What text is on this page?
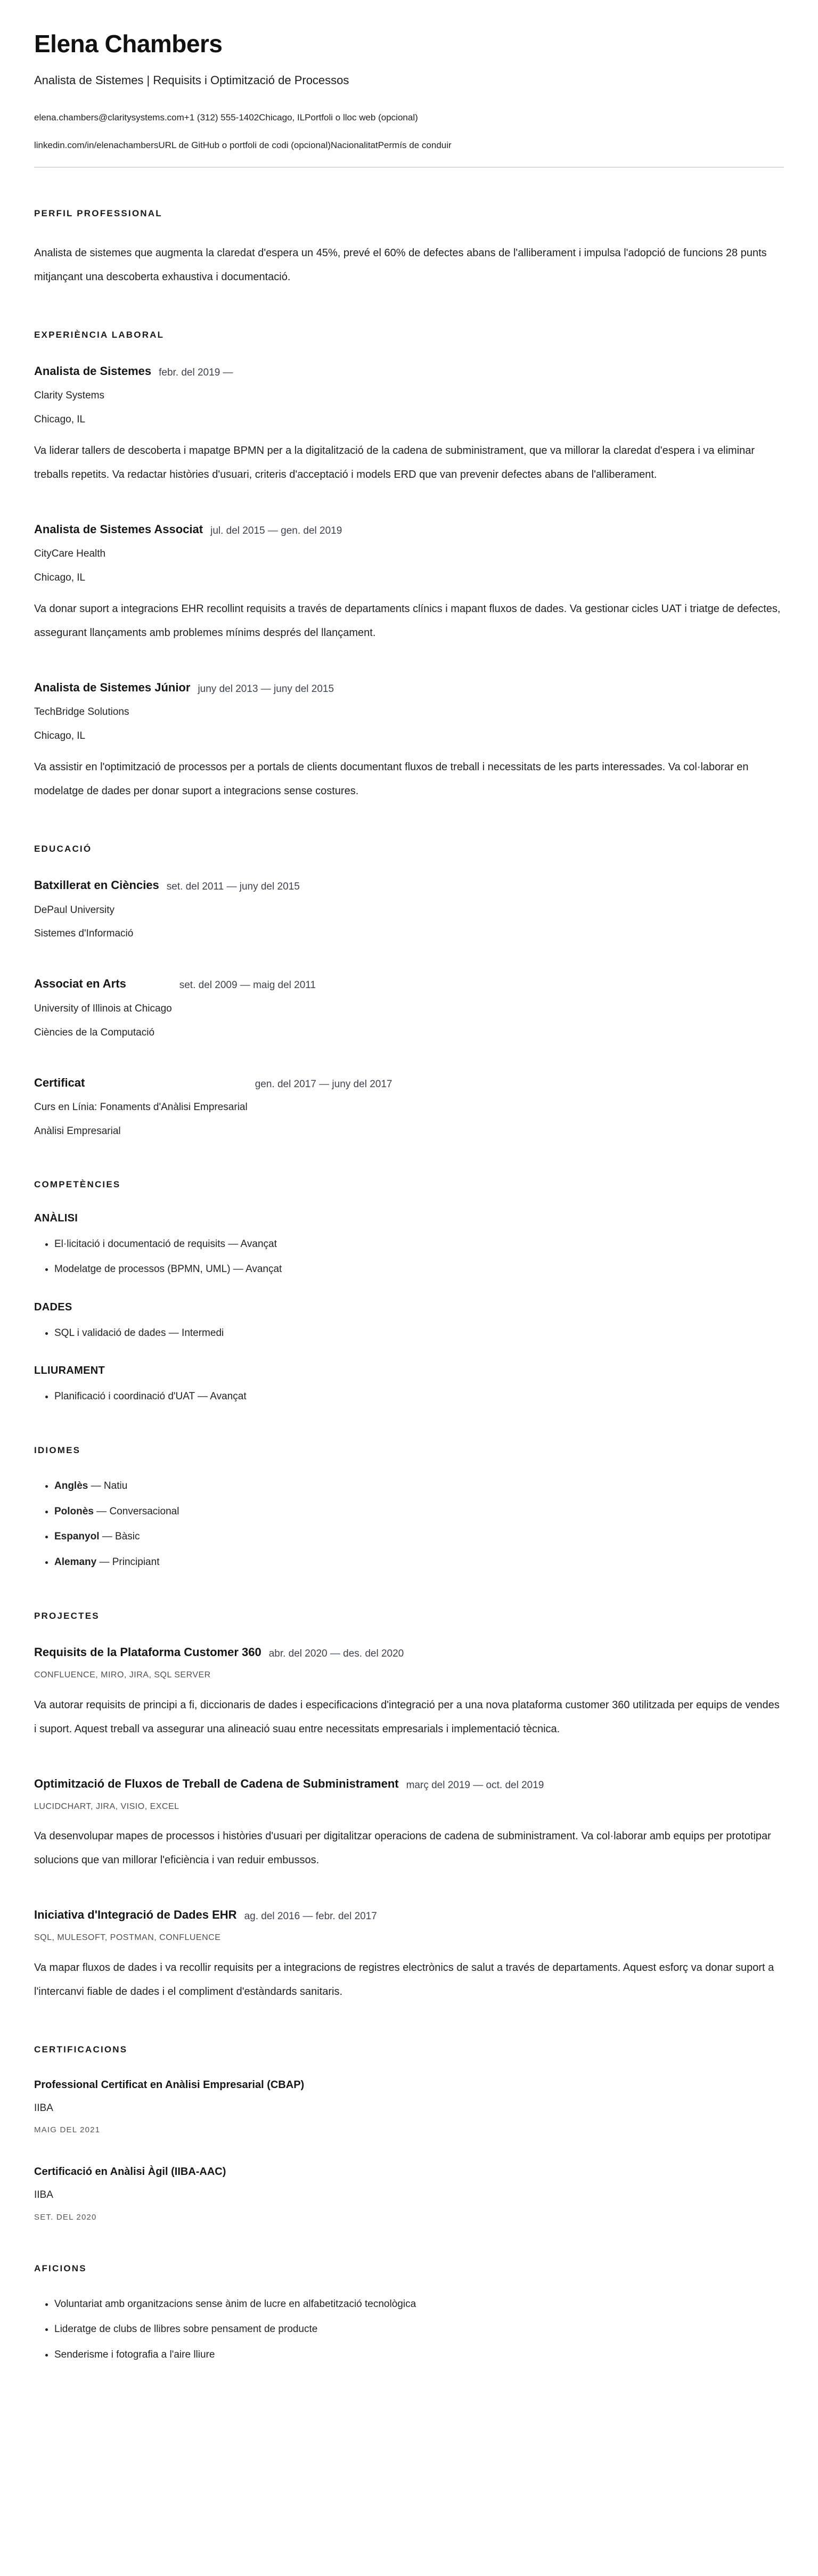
Elena Chambers

Analista de Sistemes | Requisits i Optimització de Processos

elena.chambers@claritysystems.com +1 (312) 555-1402 Chicago, IL Portfoli o lloc web (opcional)
linkedin.com/in/elenachambers URL de GitHub o portfoli de codi (opcional) Nacionalitat Permís de conduir
PERFIL PROFESSIONAL

Analista de sistemes que augmenta la claredat d'espera un 45%, prevé el 60% de defectes abans de l'alliberament i impulsa l'adopció de funcions 28 punts mitjançant una descoberta exhaustiva i documentació.

EXPERIÈNCIA LABORAL
Analista de Sistemes

Clarity Systems

Chicago, IL

febr. del 2019 —

Va liderar tallers de descoberta i mapatge BPMN per a la digitalització de la cadena de subministrament, que va millorar la claredat d'espera i va eliminar treballs repetits. Va redactar històries d'usuari, criteris d'acceptació i models ERD que van prevenir defectes abans de l'alliberament.

Analista de Sistemes Associat

CityCare Health

Chicago, IL

jul. del 2015 — gen. del 2019

Va donar suport a integracions EHR recollint requisits a través de departaments clínics i mapant fluxos de dades. Va gestionar cicles UAT i triatge de defectes, assegurant llançaments amb problemes mínims després del llançament.

Analista de Sistemes Júnior

TechBridge Solutions

Chicago, IL

juny del 2013 — juny del 2015

Va assistir en l'optimització de processos per a portals de clients documentant fluxos de treball i necessitats de les parts interessades. Va col·laborar en modelatge de dades per donar suport a integracions sense costures.

EDUCACIÓ
Batxillerat en Ciències

DePaul University

Sistemes d'Informació

set. del 2011 — juny del 2015
Associat en Arts

University of Illinois at Chicago

Ciències de la Computació

set. del 2009 — maig del 2011
Certificat

Curs en Línia: Fonaments d'Anàlisi Empresarial

Anàlisi Empresarial

gen. del 2017 — juny del 2017
COMPETÈNCIES
ANÀLISI
• El·licitació i documentació de requisits — Avançat
• Modelatge de processos (BPMN, UML) — Avançat
DADES
• SQL i validació de dades — Intermedi
LLIURAMENT
• Planificació i coordinació d'UAT — Avançat
IDIOMES
• Anglès — Natiu
• Polonès — Conversacional
• Espanyol — Bàsic
• Alemany — Principiant
PROJECTES
Requisits de la Plataforma Customer 360

CONFLUENCE, MIRO, JIRA, SQL SERVER

abr. del 2020 — des. del 2020

Va autorar requisits de principi a fi, diccionaris de dades i especificacions d'integració per a una nova plataforma customer 360 utilitzada per equips de vendes i suport. Aquest treball va assegurar una alineació suau entre necessitats empresarials i implementació tècnica.

Optimització de Fluxos de Treball de Cadena de Subministrament

LUCIDCHART, JIRA, VISIO, EXCEL

març del 2019 — oct. del 2019

Va desenvolupar mapes de processos i històries d'usuari per digitalitzar operacions de cadena de subministrament. Va col·laborar amb equips per prototipar solucions que van millorar l'eficiència i van reduir embussos.

Iniciativa d'Integració de Dades EHR

SQL, MULESOFT, POSTMAN, CONFLUENCE

ag. del 2016 — febr. del 2017

Va mapar fluxos de dades i va recollir requisits per a integracions de registres electrònics de salut a través de departaments. Aquest esforç va donar suport a l'intercanvi fiable de dades i el compliment d'estàndards sanitaris.

CERTIFICACIONS
Professional Certificat en Anàlisi Empresarial (CBAP)

IIBA

MAIG DEL 2021

Certificació en Anàlisi Àgil (IIBA-AAC)

IIBA

SET. DEL 2020

AFICIONS
• Voluntariat amb organitzacions sense ànim de lucre en alfabetització tecnològica
• Lideratge de clubs de llibres sobre pensament de producte
• Senderisme i fotografia a l'aire lliure
